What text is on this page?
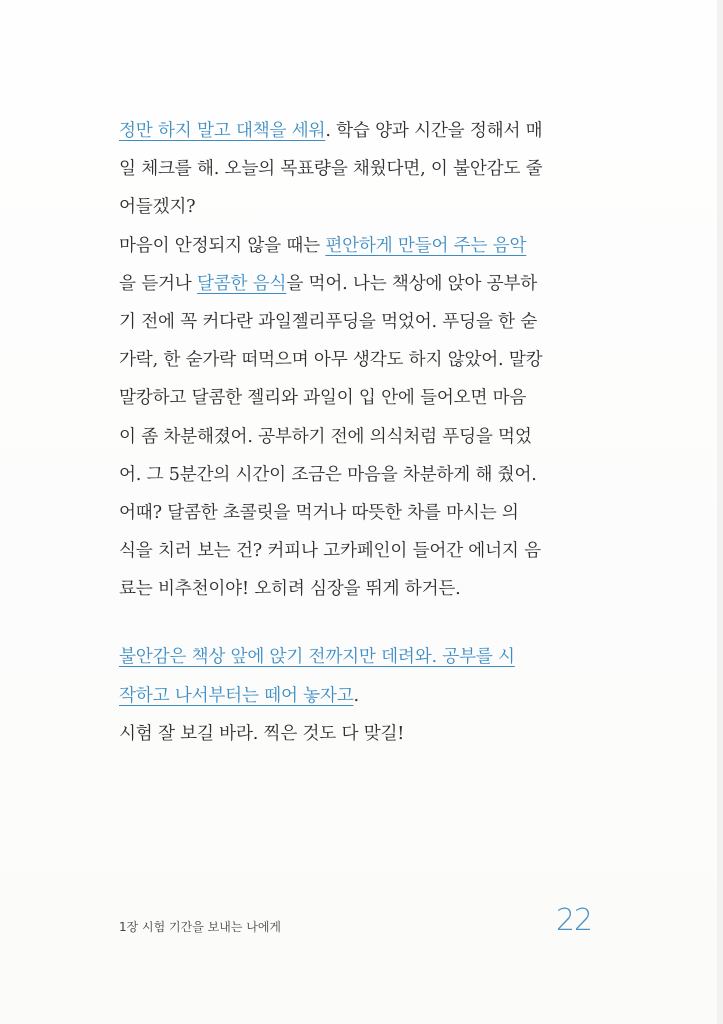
정만 하지 말고 대책을 세워. 학습 양과 시간을 정해서 매
일 체크를 해. 오늘의 목표량을 채웠다면, 이 불안감도 줄
어들겠지?
마음이 안정되지 않을 때는 편안하게 만들어 주는 음악
을 듣거나 달콤한 음식을 먹어. 나는 책상에 앉아 공부하
기 전에 꼭 커다란 과일젤리푸딩을 먹었어. 푸딩을 한 숟
가락, 한 숟가락 떠먹으며 아무 생각도 하지 않았어. 말캉
말캉하고 달콤한 젤리와 과일이 입 안에 들어오면 마음
이 좀 차분해졌어. 공부하기 전에 의식처럼 푸딩을 먹었
어. 그 5분간의 시간이 조금은 마음을 차분하게 해 줬어.
어때? 달콤한 초콜릿을 먹거나 따뜻한 차를 마시는 의
식을 치러 보는 건? 커피나 고카페인이 들어간 에너지 음
료는 비추천이야! 오히려 심장을 뛰게 하거든.
불안감은 책상 앞에 앉기 전까지만 데려와. 공부를 시
작하고 나서부터는 떼어 놓자고.
시험 잘 보길 바라. 찍은 것도 다 맞길!
1장 시험 기간을 보내는 나에게	22
